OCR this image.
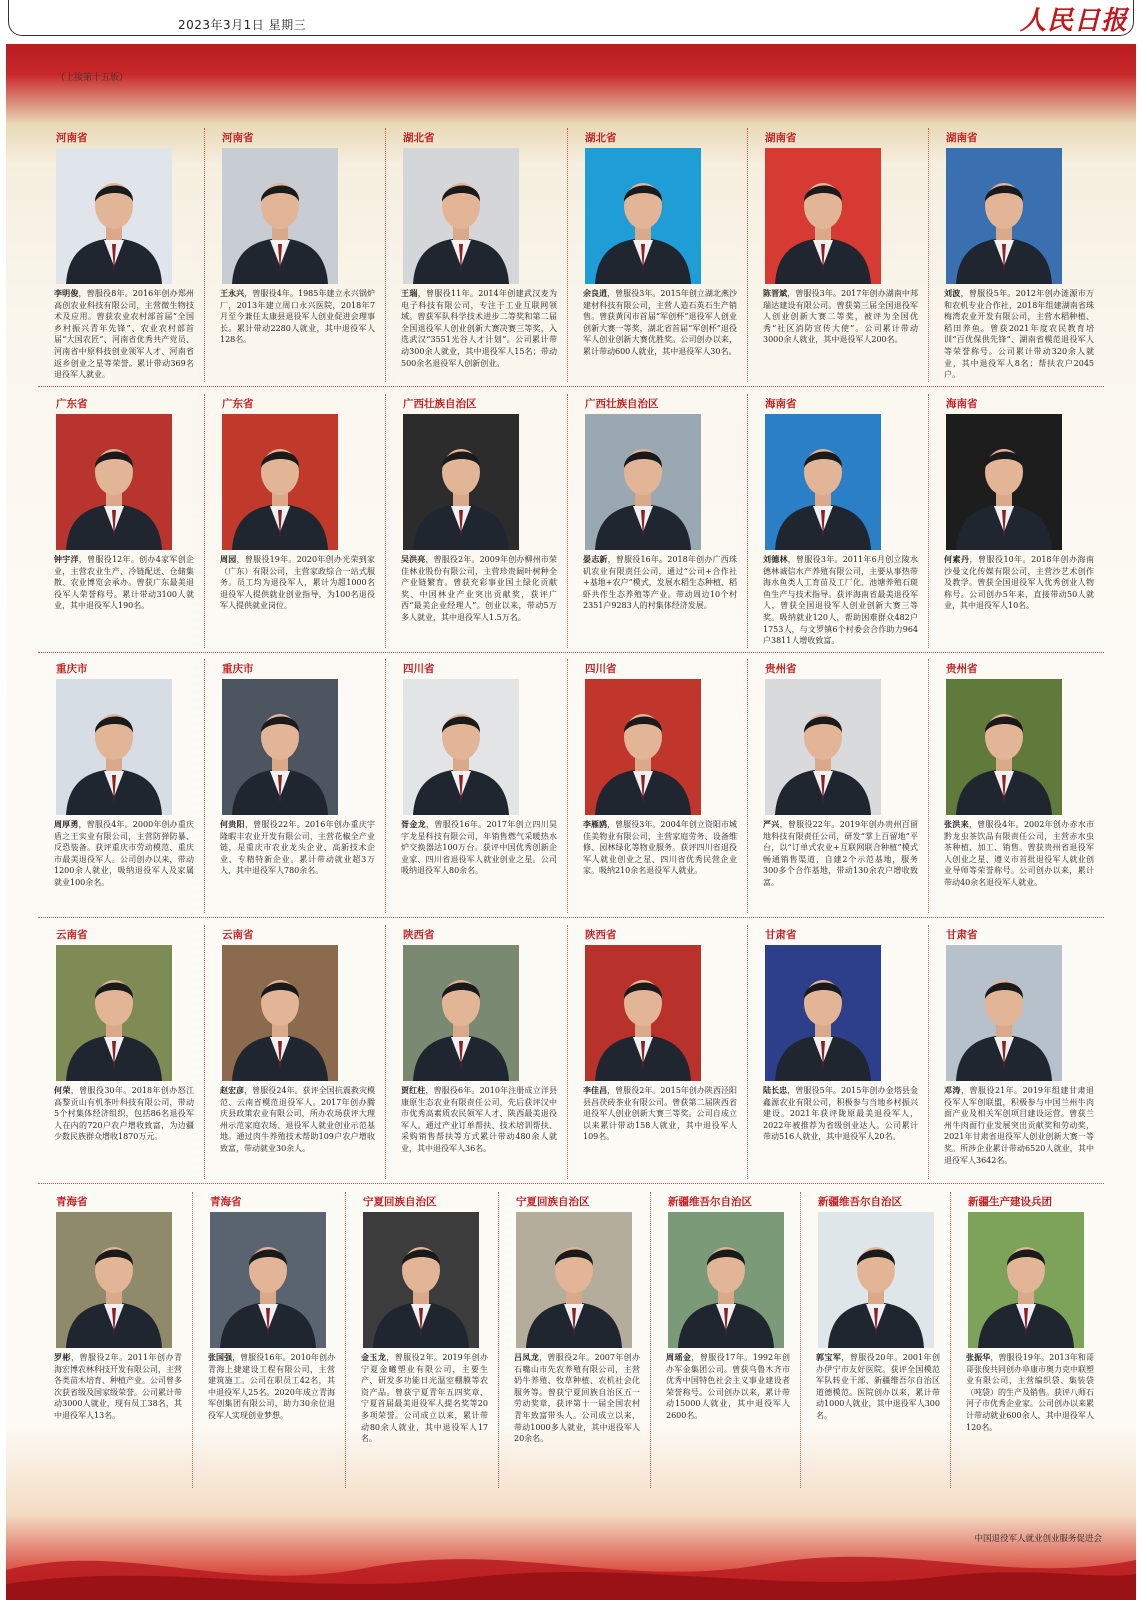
2023年3月1日 星期三	人民日报
（上接第十五版）
河南省
李明俊，曾服役8年。2016年创办郑州高创农业科技有限公司，主营微生物技术及应用。曾获农业农村部首届“全国乡村振兴青年先锋”、农业农村部首届“大国农匠”、河南省优秀共产党员、河南省中原科技创业领军人才、河南省返乡创业之星等荣誉。累计带动369名退役军人就业。
河南省
王永兴，曾服役4年。1985年建立永兴锅炉厂，2013年建立周口永兴医院，2018年7月至今兼任太康县退役军人创业促进会理事长。累计带动2280人就业，其中退役军人128名。
湖北省
王瑞，曾服役11年。2014年创建武汉麦为电子科技有限公司，专注于工业互联网领域。曾获军队科学技术进步二等奖和第二届全国退役军人创业创新大赛决赛三等奖，入选武汉“3551光谷人才计划”。公司累计带动300余人就业，其中退役军人15名；带动500余名退役军人创新创业。
湖北省
余良逍，曾服役3年。2015年创立湖北燕沙建材科技有限公司，主营人造石英石生产销售。曾获黄冈市首届“军创杯”退役军人创业创新大赛一等奖，湖北省首届“军创杯”退役军人创业创新大赛优胜奖。公司创办以来，累计带动600人就业，其中退役军人30名。
湖南省
陈晋斌，曾服役3年。2017年创办湖南中邦瑞达建设有限公司。曾获第三届全国退役军人创业创新大赛二等奖，被评为全国优秀“社区消防宣传大使”。公司累计带动3000余人就业，其中退役军人200名。
湖南省
刘波，曾服役5年。2012年创办涟源市万和农机专业合作社，2018年组建湖南省珠梅湾农业开发有限公司，主营水稻种植、稻田养鱼。曾获2021年度农民教育培训“百优保供先锋”、湖南省模范退役军人等荣誉称号。公司累计带动320余人就业，其中退役军人8名；帮扶农户2045户。
广东省
钟宇洋，曾服役12年。创办4家军创企业，主营农业生产、冷链配送、仓储集散、农业博览会承办。曾获广东最美退役军人荣誉称号。累计带动3100人就业，其中退役军人190名。
广东省
周园，曾服役19年。2020年创办光荣到家（广东）有限公司，主营家政综合一站式服务。员工均为退役军人，累计为超1000名退役军人提供就业创业指导，为100名退役军人提供就业岗位。
广西壮族自治区
吴洪亮，曾服役2年。2009年创办柳州市荣佳林业股份有限公司，主营珍贵阔叶树种全产业链繁育。曾获充彩事业国土绿化贡献奖、中国林业产业突出贡献奖，获评广西“最美企业经理人”。创业以来，带动5万多人就业，其中退役军人1.5万名。
广西壮族自治区
晏志新，曾服役16年。2018年创办广西珠矶农业有限责任公司，通过“公司+合作社+基地+农户”模式，发展水稻生态种植、稻虾共作生态养殖等产业。带动周边10个村2351户9283人的村集体经济发展。
海南省
刘德林，曾服役3年。2011年6月创立陵水德林诚信水产养殖有限公司，主要从事热带海水鱼类人工育苗及工厂化、池塘养殖石斑鱼生产与技术指导。获评海南省最美退役军人，曾获全国退役军人创业创新大赛三等奖。吸纳就业120人，帮助困难群众482户1753人，与文罗镇6个村委会合作助力964户3811人增收致富。
海南省
何素丹，曾服役10年。2018年创办海南沙曼文化传媒有限公司，主营沙艺术创作及教学。曾获全国退役军人优秀创业人物称号。公司创办5年来，直接带动50人就业，其中退役军人10名。
重庆市
周厚勇，曾服役4年。2000年创办重庆盾之王实业有限公司，主营防弹防暴、反恐装备。获评重庆市劳动模范、重庆市最美退役军人。公司创办以来，带动1200余人就业，吸纳退役军人及家属就业100余名。
重庆市
何贵阳，曾服役22年。2016年创办重庆宇隆暇丰农业开发有限公司，主营花椒全产业链，是重庆市农业龙头企业、高新技术企业、专精特新企业。累计带动就业超3万人，其中退役军人780余名。
四川省
胥金龙，曾服役16年。2017年创立四川昊宇龙星科技有限公司，年销售燃气采暖热水炉交换器达100万台。获评中国优秀创新企业家、四川省退役军人就业创业之星。公司吸纳退役军人80余名。
四川省
李雁鸥，曾服役3年。2004年创立资阳市城佳美物业有限公司，主营家庭劳务、设备维修、园林绿化等物业服务。获评四川省退役军人就业创业之星、四川省优秀民营企业家。吸纳210余名退役军人就业。
贵州省
严兴，曾服役22年。2019年创办贵州百留地科技有限责任公司，研发“掌上百留地”平台，以“订单式农业+互联网联合种植”模式畅通销售渠道，自建2个示范基地，服务300多个合作基地，带动130余农户增收致富。
贵州省
张洪来，曾服役4年。2002年创办赤水市黔龙虫茶饮品有限责任公司，主营赤水虫茶种植、加工、销售。曾获贵州省退役军人创业之星、遵义市首批退役军人就业创业导师等荣誉称号。公司创办以来，累计带动40余名退役军人就业。
云南省
何荣，曾服役30年。2018年创办怒江高黎贡山有机茶叶科技有限公司，带动5个村集体经济组织，包括86名退役军人在内的720户农户增收致富，为边疆少数民族群众增收1870万元。
云南省
赵宏彦，曾服役24年。获评全国抗震救灾模范、云南省模范退役军人。2017年创办腾庆县政策农业有限公司，所办农场获评大理州示范家庭农场、退役军人就业创业示范基地。通过肉牛养殖技术帮助109户农户增收致富，带动就业30余人。
陕西省
贾红柱，曾服役6年。2010年注册成立洋县康原生态农业有限责任公司，先后获评汉中市优秀高素质农民领军人才、陕西最美退役军人。通过产业订单帮扶、技术培训帮扶、采购销售帮扶等方式累计带动480余人就业，其中退役军人36名。
陕西省
李佳昌，曾服役2年。2015年创办陕西泾阳县昌茯砖茶业有限公司。曾获第二届陕西省退役军人创业创新大赛三等奖。公司自成立以来累计带动158人就业，其中退役军人109名。
甘肃省
陆长忠，曾服役5年。2015年创办金塔县金鑫源农业有限公司，积极参与当地乡村振兴建设。2021年获评陇原最美退役军人，2022年被推荐为省级创业达人。公司累计带动516人就业，其中退役军人20名。
甘肃省
邓涛，曾服役21年。2019年组建甘肃退役军人军创联盟，积极参与中国兰州牛肉面产业及相关军创项目建设运营。曾获兰州牛肉面行业发展突出贡献奖和劳动奖，2021年甘肃省退役军人创业创新大赛一等奖。所涉企业累计带动6520人就业，其中退役军人3642名。
青海省
罗彬，曾服役2年。2011年创办青海宏博农林科技开发有限公司，主营各类苗木培育、种植产业。公司曾多次获省级及国家级荣誉。公司累计带动3000人就业，现有员工38名，其中退役军人13名。
青海省
张国强，曾服役16年。2010年创办青海上捷建设工程有限公司，主营建筑施工。公司在职员工42名，其中退役军人25名。2020年成立青海军创集团有限公司，助力30余位退役军人实现创业梦想。
宁夏回族自治区
金玉龙，曾服役2年。2019年创办宁夏金曦塑业有限公司，主要生产、研发多功能日光温室棚膜等农资产品。曾获宁夏青年五四奖章、宁夏首届最美退役军人提名奖等20多项荣誉。公司成立以来，累计带动80余人就业，其中退役军人17名。
宁夏回族自治区
吕凤龙，曾服役2年。2007年创办石嘴山市先农养殖有限公司，主营奶牛养殖、牧草种植、农机社会化服务等。曾获宁夏回族自治区五一劳动奖章，获评第十一届全国农村青年致富带头人。公司成立以来，带动1000多人就业，其中退役军人20余名。
新疆维吾尔自治区
周瑶金，曾服役17年。1992年创办军金集团公司。曾获乌鲁木齐市优秀中国特色社会主义事业建设者荣誉称号。公司创办以来，累计带动15000人就业，其中退役军人2600名。
新疆维吾尔自治区
郭宝军，曾服役20年。2001年创办伊宁市友好医院。获评全国模范军队转业干部、新疆维吾尔自治区道德模范。医院创办以来，累计带动1000人就业，其中退役军人300名。
新疆生产建设兵团
张振华，曾服役19年。2013年和哥哥张俊共同创办阜康市奥力克中联塑业有限公司，主营编织袋、集装袋（吨袋）的生产及销售。获评八师石河子市优秀企业家。公司创办以来累计带动就业600余人，其中退役军人120名。
中国退役军人就业创业服务促进会
